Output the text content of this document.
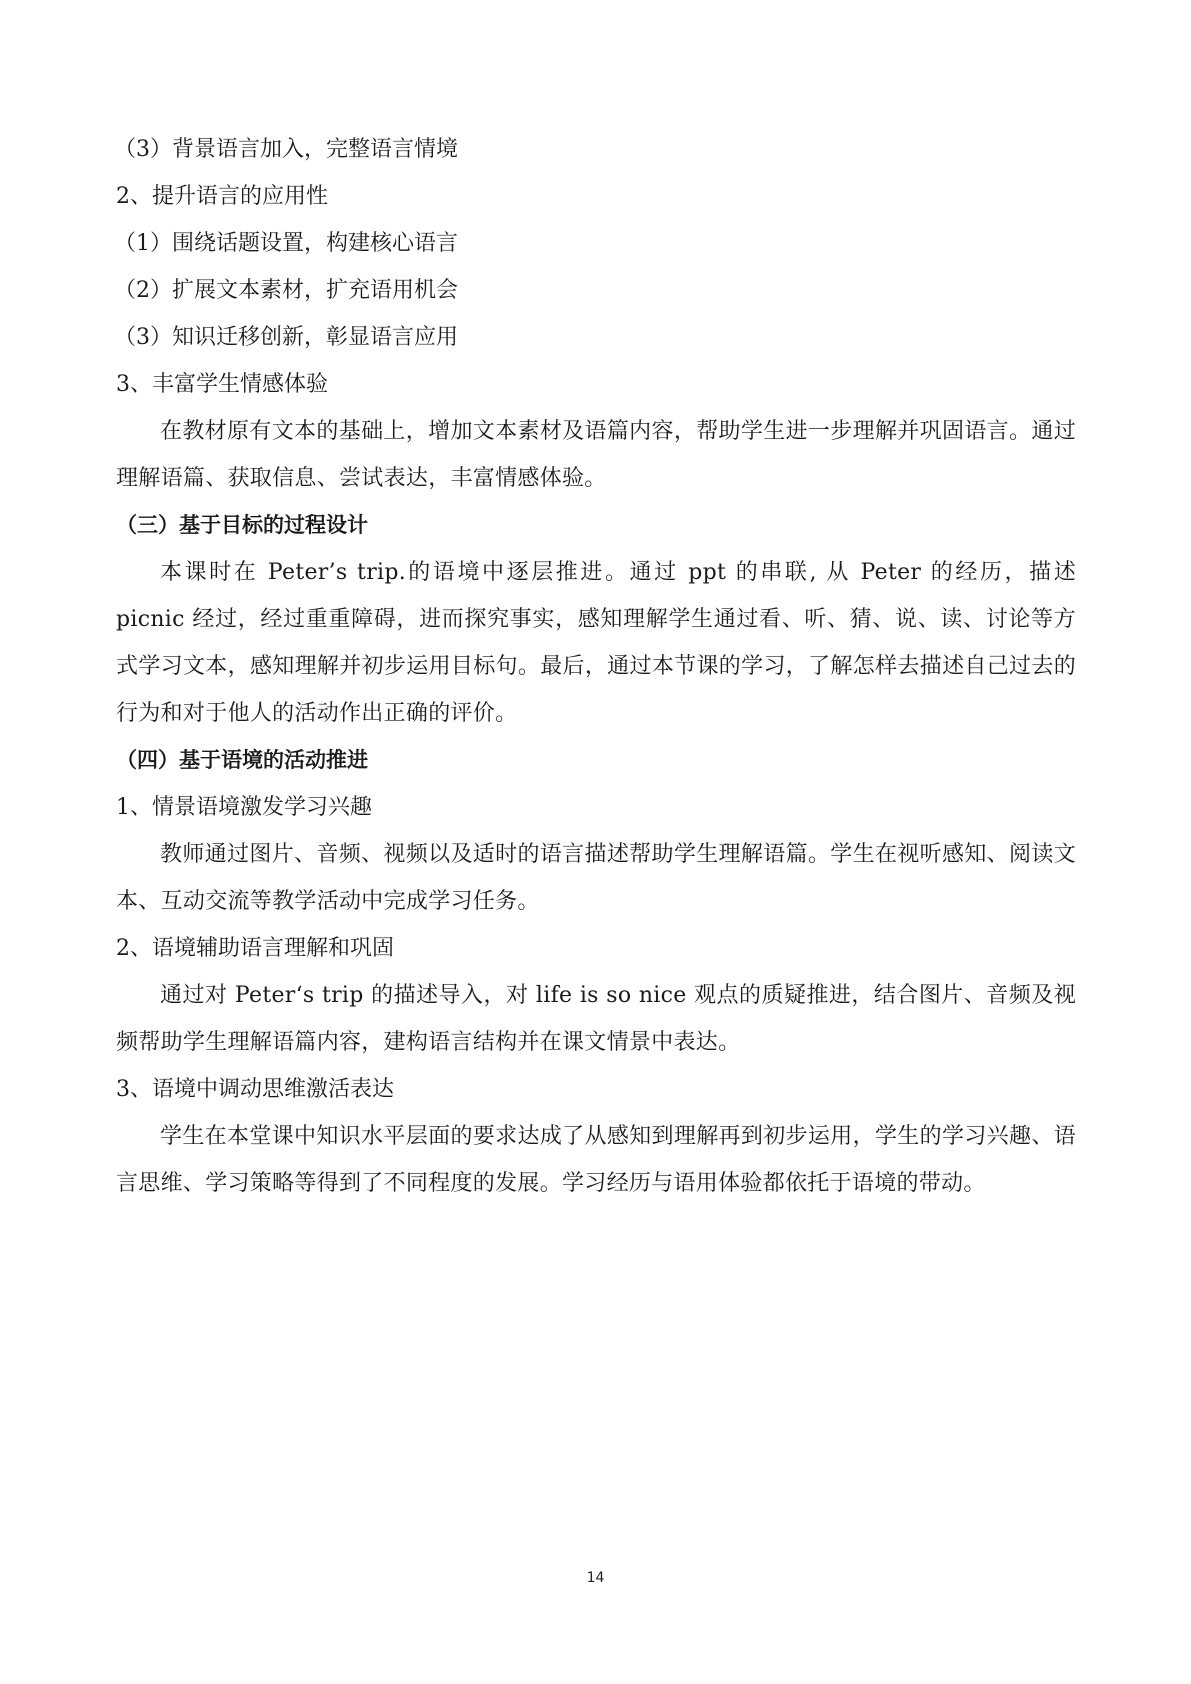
（3）背景语言加入，完整语言情境

2、提升语言的应用性

（1）围绕话题设置，构建核心语言

（2）扩展文本素材，扩充语用机会

（3）知识迁移创新，彰显语言应用

3、丰富学生情感体验

在教材原有文本的基础上，增加文本素材及语篇内容，帮助学生进一步理解并巩固语言。通过理解语篇、获取信息、尝试表达，丰富情感体验。

（三）基于目标的过程设计

本课时在 Peter’s trip.的语境中逐层推进。通过 ppt 的串联, 从 Peter 的经历，描述 picnic 经过，经过重重障碍，进而探究事实，感知理解学生通过看、听、猜、说、读、讨论等方式学习文本，感知理解并初步运用目标句。最后，通过本节课的学习，了解怎样去描述自己过去的行为和对于他人的活动作出正确的评价。

（四）基于语境的活动推进

1、情景语境激发学习兴趣

教师通过图片、音频、视频以及适时的语言描述帮助学生理解语篇。学生在视听感知、阅读文本、互动交流等教学活动中完成学习任务。

2、语境辅助语言理解和巩固

通过对 Peter‘s trip 的描述导入，对 life is so nice 观点的质疑推进，结合图片、音频及视频帮助学生理解语篇内容，建构语言结构并在课文情景中表达。

3、语境中调动思维激活表达

学生在本堂课中知识水平层面的要求达成了从感知到理解再到初步运用，学生的学习兴趣、语言思维、学习策略等得到了不同程度的发展。学习经历与语用体验都依托于语境的带动。

14
